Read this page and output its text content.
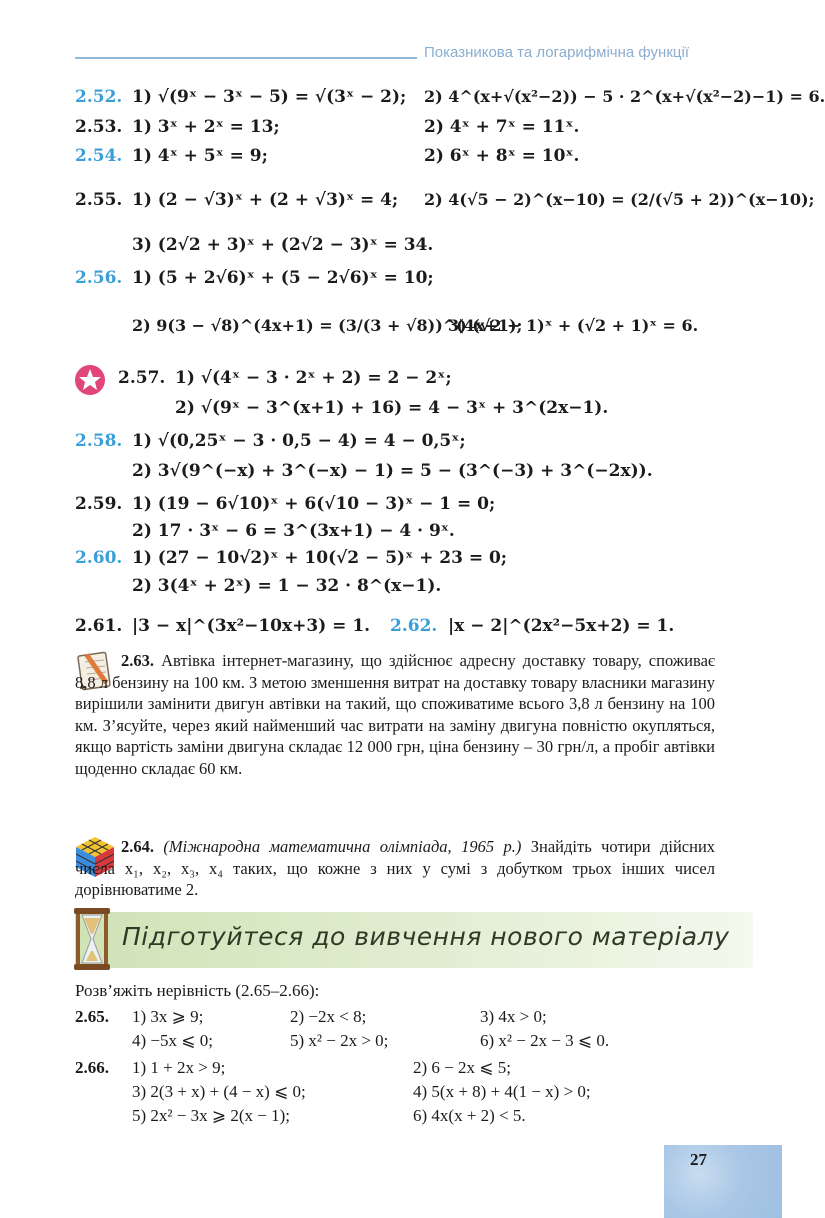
Показникова та логарифмічна функції
2.52. 1) √(9ˣ − 3ˣ − 5) = √(3ˣ − 2); 2) 4^(x+√(x²−2)) − 5 · 2^(x+√(x²−2)−1) = 6.
2.53. 1) 3ˣ + 2ˣ = 13;	2) 4ˣ + 7ˣ = 11ˣ.
2.54. 1) 4ˣ + 5ˣ = 9;	2) 6ˣ + 8ˣ = 10ˣ.
2.55. 1) (2 − √3)ˣ + (2 + √3)ˣ = 4; 2) 4(√5 − 2)^(x−10) = (2/(√5 + 2))^(x−10);
3) (2√2 + 3)ˣ + (2√2 − 3)ˣ = 34.
2.56. 1) (5 + 2√6)ˣ + (5 − 2√6)ˣ = 10;
2) 9(3 − √8)^(4x+1) = (3/(3 + √8))^(4x+1);
3) (√2 − 1)ˣ + (√2 + 1)ˣ = 6.
2.57. 1) √(4ˣ − 3 · 2ˣ + 2) = 2 − 2ˣ;
2) √(9ˣ − 3^(x+1) + 16) = 4 − 3ˣ + 3^(2x−1).
2.58. 1) √(0,25ˣ − 3 · 0,5 − 4) = 4 − 0,5ˣ;
2) 3√(9^(−x) + 3^(−x) − 1) = 5 − (3^(−3) + 3^(−2x)).
2.59. 1) (19 − 6√10)ˣ + 6(√10 − 3)ˣ − 1 = 0;
2) 17 · 3ˣ − 6 = 3^(3x+1) − 4 · 9ˣ.
2.60. 1) (27 − 10√2)ˣ + 10(√2 − 5)ˣ + 23 = 0;
2) 3(4ˣ + 2ˣ) = 1 − 32 · 8^(x−1).
2.61. |3 − x|^(3x²−10x+3) = 1. 2.62. |x − 2|^(2x²−5x+2) = 1.
2.63. Автівка інтернет-магазину, що здійснює адресну доставку товару, споживає 8,8 л бензину на 100 км. З метою зменшення витрат на доставку товару власники магазину вирішили замінити двигун автівки на такий, що споживатиме всього 3,8 л бензину на 100 км. З’ясуйте, через який найменший час витрати на заміну двигуна повністю окупляться, якщо вартість заміни двигуна складає 12 000 грн, ціна бензину – 30 грн/л, а пробіг автівки щоденно складає 60 км.
2.64. (Міжнародна математична олімпіада, 1965 р.) Знайдіть чотири дійсних числа x₁, x₂, x₃, x₄ таких, що кожне з них у сумі з добутком трьох інших чисел дорівнюватиме 2.
Підготуйтеся до вивчення нового матеріалу
Розв’яжіть нерівність (2.65–2.66):
2.65. 1) 3x ⩾ 9;	2) −2x < 8;	3) 4x > 0;
4) −5x ⩽ 0;	5) x² − 2x > 0;	6) x² − 2x − 3 ⩽ 0.
2.66. 1) 1 + 2x > 9;	2) 6 − 2x ⩽ 5;
3) 2(3 + x) + (4 − x) ⩽ 0;	4) 5(x + 8) + 4(1 − x) > 0;
5) 2x² − 3x ⩾ 2(x − 1);	6) 4x(x + 2) < 5.
27
